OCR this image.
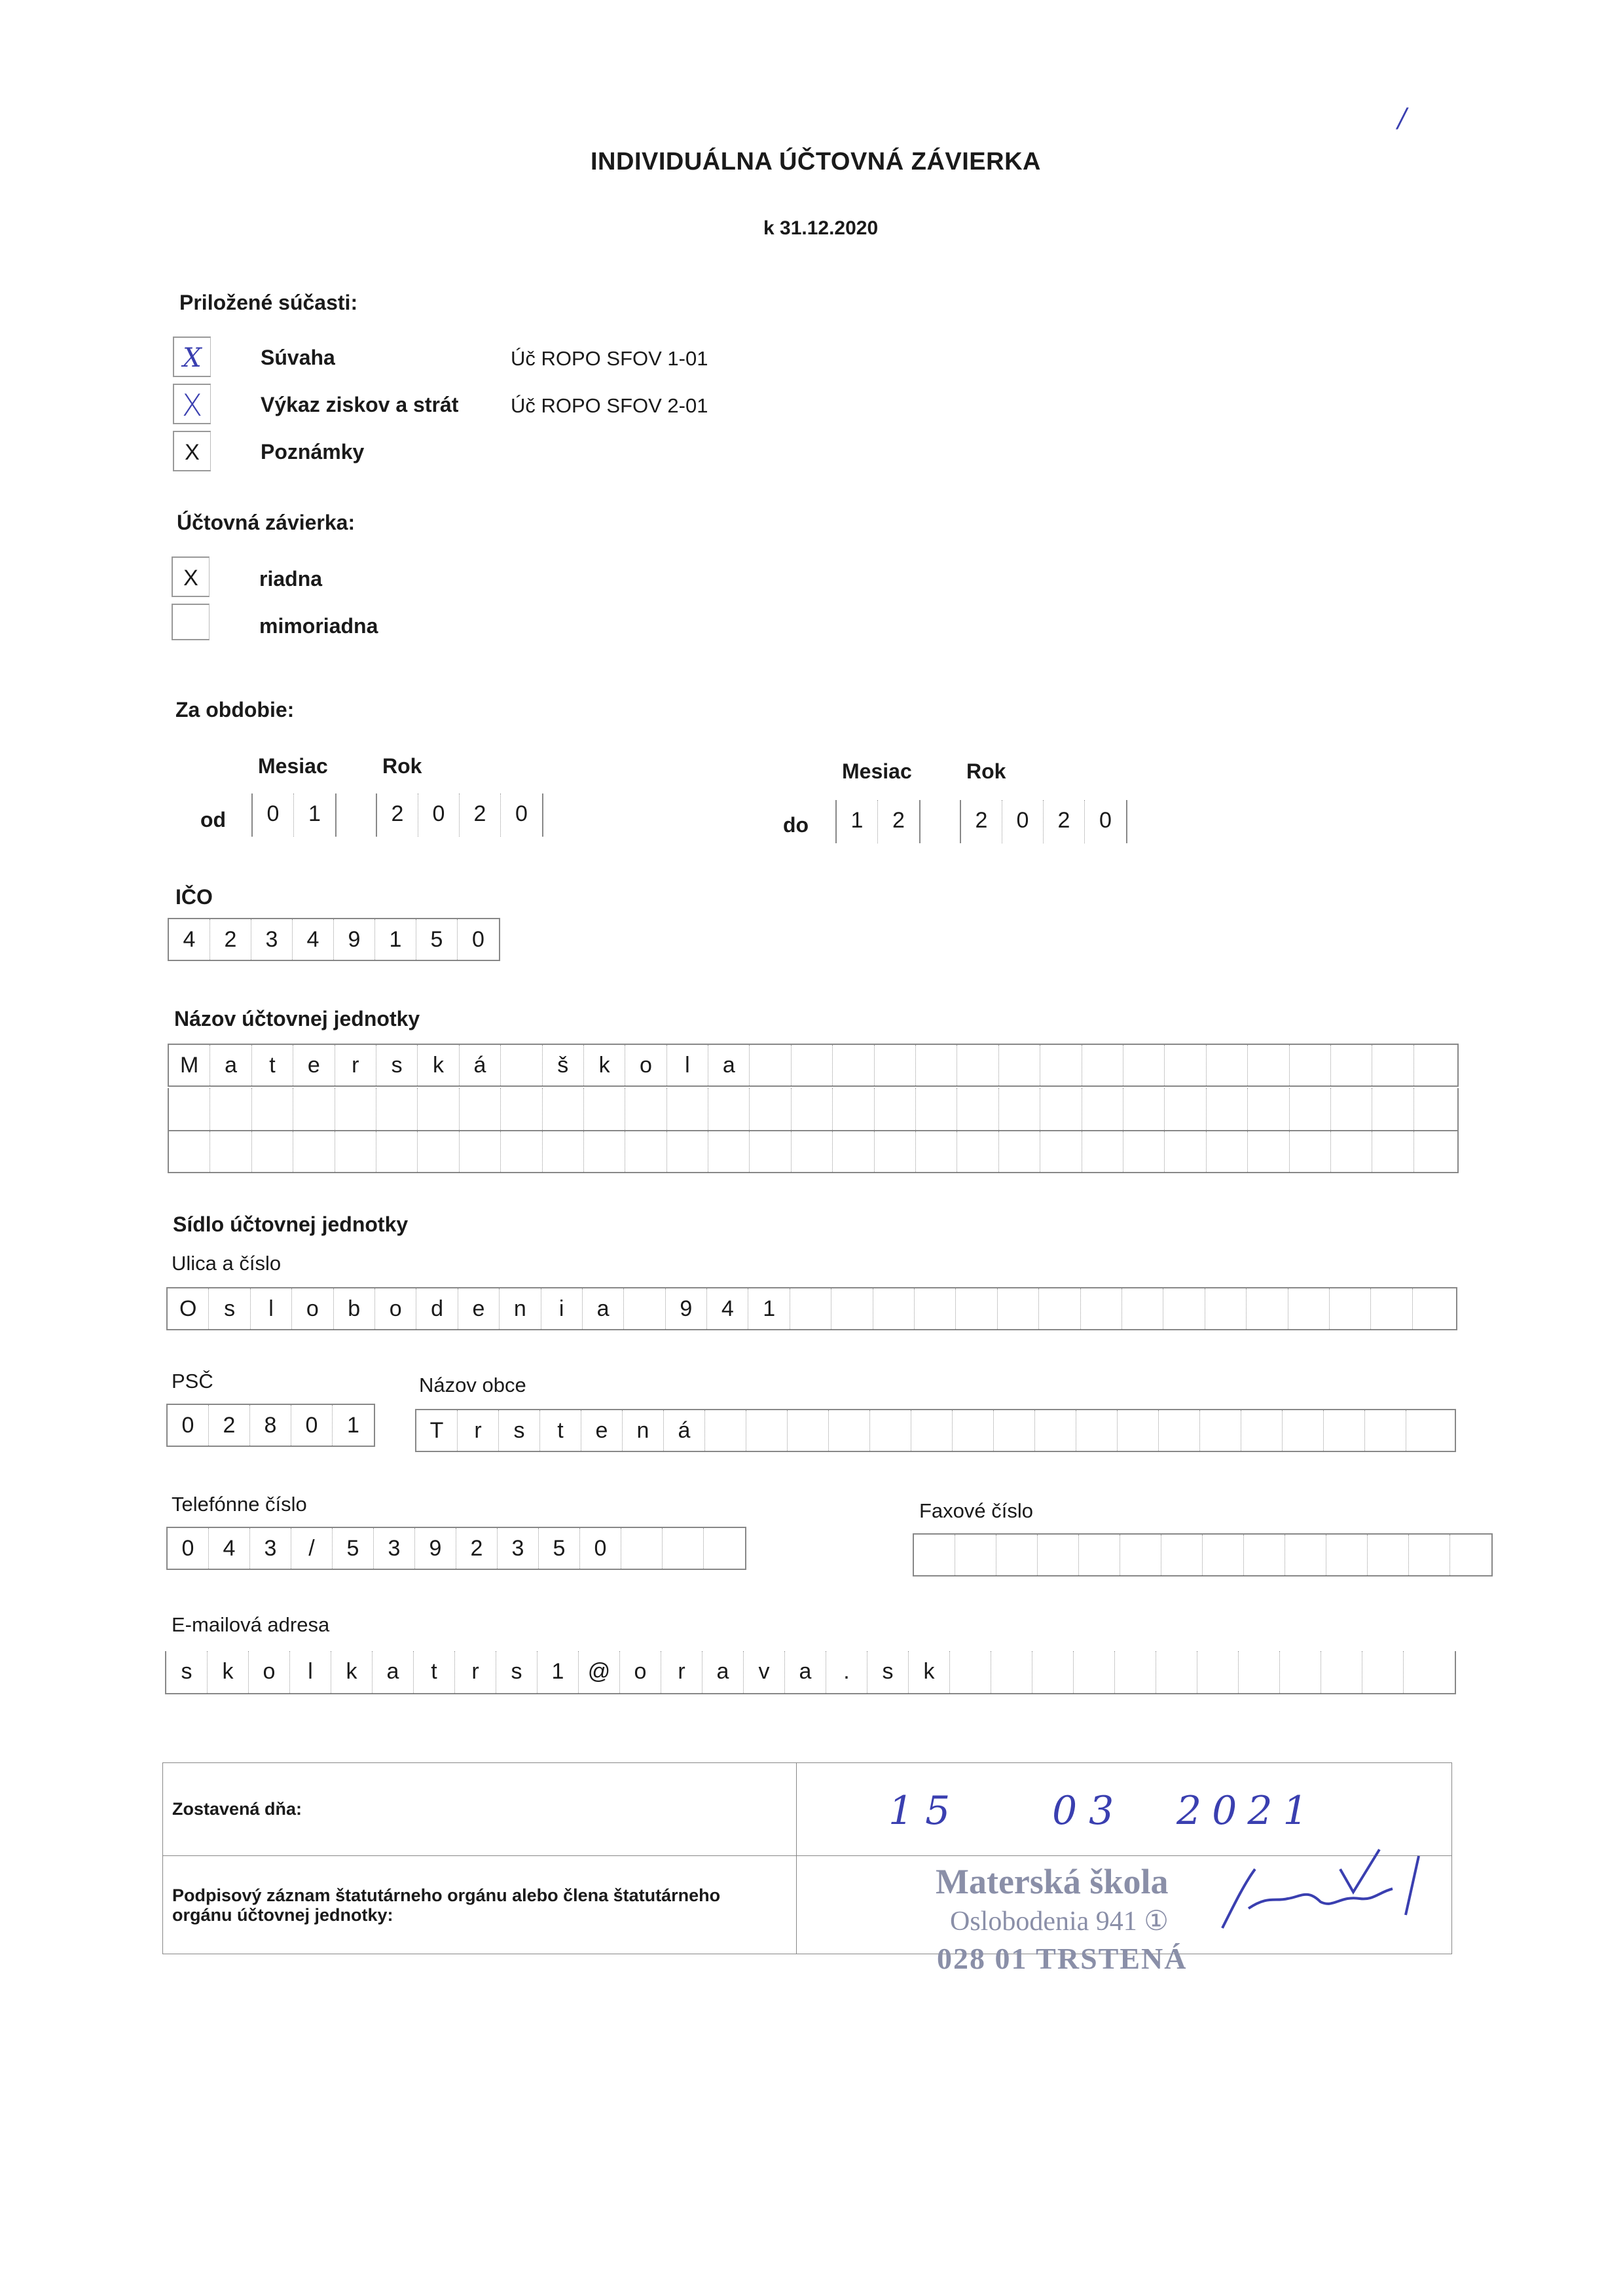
INDIVIDUÁLNA ÚČTOVNÁ ZÁVIERKA
k 31.12.2020
/
Priložené súčasti:
X	Súvaha	Úč ROPO SFOV 1-01
X	Výkaz ziskov a strát	Úč ROPO SFOV 2-01
X	Poznámky
Účtovná závierka:
X	riadna
mimoriadna
Za obdobie:
Mesiac	Rok	Mesiac	Rok
od	0	1	2	0	2	0	do	1	2	2	0	2	0
IČO
4	2	3	4	9	1	5	0
Názov účtovnej jednotky
M	a	t	e	r	s	k	á	š	k	o	l	a
Sídlo účtovnej jednotky
Ulica a číslo
O	s	l	o	b	o	d	e	n	i	a	9	4	1
PSČ	Názov obce
0	2	8	0	1	T	r	s	t	e	n	á
Telefónne číslo	Faxové číslo
0	4	3	/	5	3	9	2	3	5	0
E-mailová adresa
s	k	o	l	k	a	t	r	s	1	@	o	r	a	v	a	.	s	k
Zostavená dňa:	15 03 2021

Podpisový záznam štatutárneho orgánu alebo člena štatutárneho orgánu účtovnej jednotky:	Materská škola
Oslobodenia 941 ①
028 01 TRSTENÁ
